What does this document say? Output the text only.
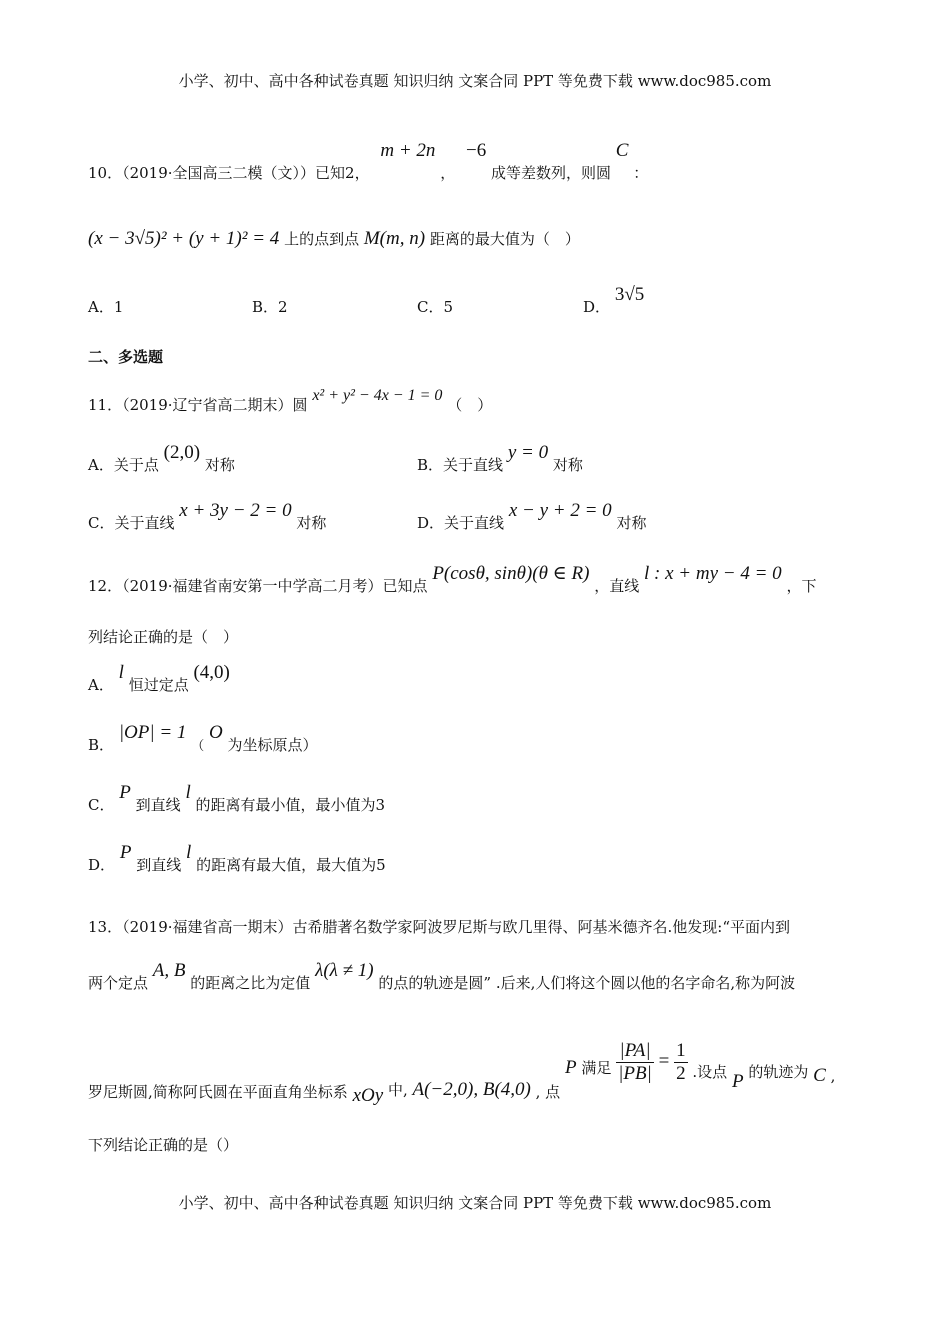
小学、初中、高中各种试卷真题 知识归纳 文案合同 PPT 等免费下载 www.doc985.com
10．（2019·全国高三二模（文））已知2， m + 2n ， −6 成等差数列，则圆 C ：
(x − 3√5)² + (y + 1)² = 4 上的点到点 M(m, n) 距离的最大值为（　）
A．1	B．2	C．5	D． 3√5
二、多选题
11．（2019·辽宁省高二期末）圆 x² + y² − 4x − 1 = 0 （　）
A．关于点 (2,0) 对称	B．关于直线 y = 0 对称
C．关于直线 x + 3y − 2 = 0 对称	D．关于直线 x − y + 2 = 0 对称
12．（2019·福建省南安第一中学高二月考）已知点 P(cosθ, sinθ)(θ ∈ R) ，直线 l : x + my − 4 = 0 ，下
列结论正确的是（　）
A． l 恒过定点 (4,0)
B． |OP| = 1 （ O 为坐标原点）
C． P 到直线 l 的距离有最小值，最小值为3
D． P 到直线 l 的距离有最大值，最大值为5
13．（2019·福建省高一期末）古希腊著名数学家阿波罗尼斯与欧几里得、阿基米德齐名.他发现:“平面内到
两个定点 A, B 的距离之比为定值 λ(λ ≠ 1) 的点的轨迹是圆” .后来,人们将这个圆以他的名字命名,称为阿波
罗尼斯圆,简称阿氏圆在平面直角坐标系 xOy 中, A(−2,0), B(4,0) , 点 P 满足 $\frac{|PA|}{|PB|} = \frac{1}{2}$ .设点 P 的轨迹为 C ,
下列结论正确的是（）
小学、初中、高中各种试卷真题 知识归纳 文案合同 PPT 等免费下载 www.doc985.com
